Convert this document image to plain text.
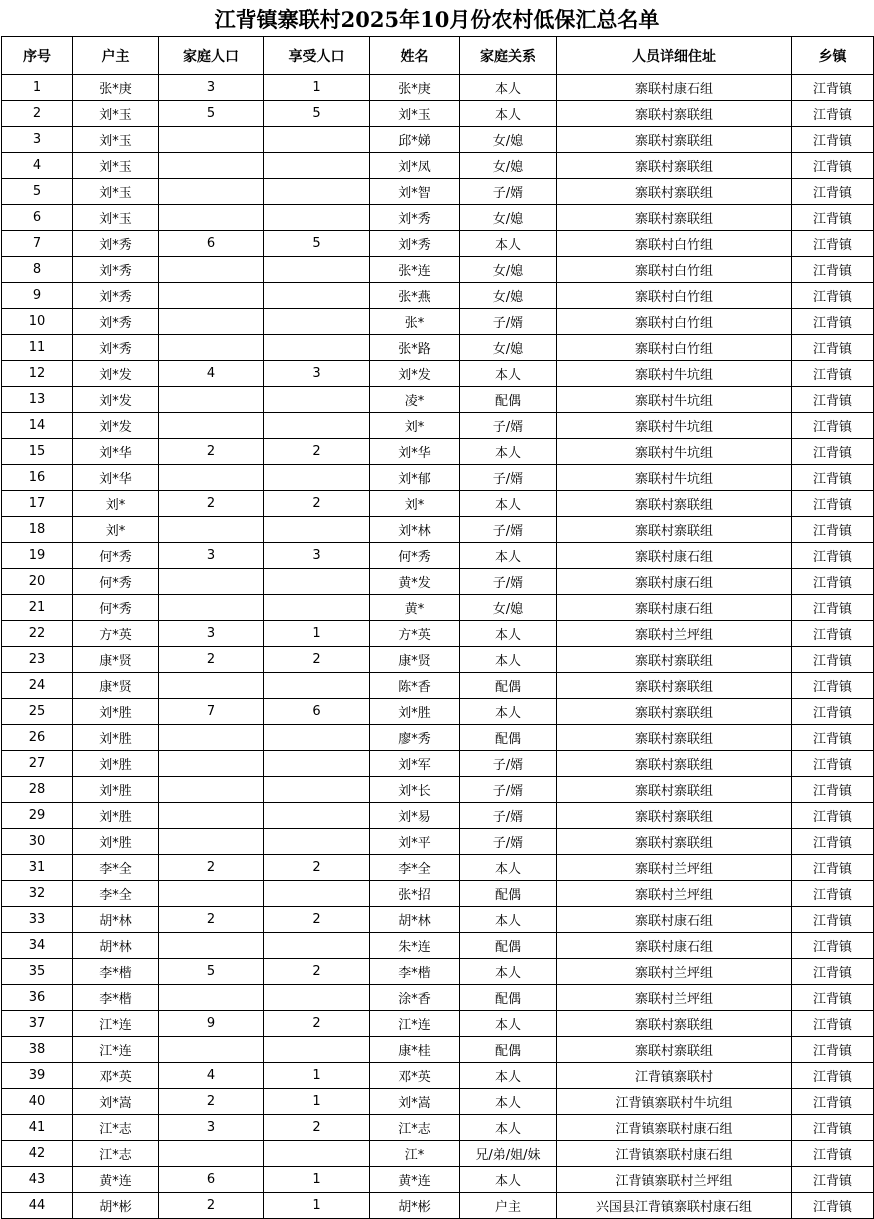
江背镇寨联村2025年10月份农村低保汇总名单
序号	户主	家庭人口	享受人口	姓名	家庭关系	人员详细住址	乡镇
1	张*庚	3	1	张*庚	本人	寨联村康石组	江背镇
2	刘*玉	5	5	刘*玉	本人	寨联村寨联组	江背镇
3	刘*玉			邱*娣	女/媳	寨联村寨联组	江背镇
4	刘*玉			刘*凤	女/媳	寨联村寨联组	江背镇
5	刘*玉			刘*智	子/婿	寨联村寨联组	江背镇
6	刘*玉			刘*秀	女/媳	寨联村寨联组	江背镇
7	刘*秀	6	5	刘*秀	本人	寨联村白竹组	江背镇
8	刘*秀			张*连	女/媳	寨联村白竹组	江背镇
9	刘*秀			张*燕	女/媳	寨联村白竹组	江背镇
10	刘*秀			张*	子/婿	寨联村白竹组	江背镇
11	刘*秀			张*路	女/媳	寨联村白竹组	江背镇
12	刘*发	4	3	刘*发	本人	寨联村牛坑组	江背镇
13	刘*发			凌*	配偶	寨联村牛坑组	江背镇
14	刘*发			刘*	子/婿	寨联村牛坑组	江背镇
15	刘*华	2	2	刘*华	本人	寨联村牛坑组	江背镇
16	刘*华			刘*郁	子/婿	寨联村牛坑组	江背镇
17	刘*	2	2	刘*	本人	寨联村寨联组	江背镇
18	刘*			刘*林	子/婿	寨联村寨联组	江背镇
19	何*秀	3	3	何*秀	本人	寨联村康石组	江背镇
20	何*秀			黄*发	子/婿	寨联村康石组	江背镇
21	何*秀			黄*	女/媳	寨联村康石组	江背镇
22	方*英	3	1	方*英	本人	寨联村兰坪组	江背镇
23	康*贤	2	2	康*贤	本人	寨联村寨联组	江背镇
24	康*贤			陈*香	配偶	寨联村寨联组	江背镇
25	刘*胜	7	6	刘*胜	本人	寨联村寨联组	江背镇
26	刘*胜			廖*秀	配偶	寨联村寨联组	江背镇
27	刘*胜			刘*军	子/婿	寨联村寨联组	江背镇
28	刘*胜			刘*长	子/婿	寨联村寨联组	江背镇
29	刘*胜			刘*易	子/婿	寨联村寨联组	江背镇
30	刘*胜			刘*平	子/婿	寨联村寨联组	江背镇
31	李*全	2	2	李*全	本人	寨联村兰坪组	江背镇
32	李*全			张*招	配偶	寨联村兰坪组	江背镇
33	胡*林	2	2	胡*林	本人	寨联村康石组	江背镇
34	胡*林			朱*连	配偶	寨联村康石组	江背镇
35	李*楷	5	2	李*楷	本人	寨联村兰坪组	江背镇
36	李*楷			涂*香	配偶	寨联村兰坪组	江背镇
37	江*连	9	2	江*连	本人	寨联村寨联组	江背镇
38	江*连			康*桂	配偶	寨联村寨联组	江背镇
39	邓*英	4	1	邓*英	本人	江背镇寨联村	江背镇
40	刘*嵩	2	1	刘*嵩	本人	江背镇寨联村牛坑组	江背镇
41	江*志	3	2	江*志	本人	江背镇寨联村康石组	江背镇
42	江*志			江*	兄/弟/姐/妹	江背镇寨联村康石组	江背镇
43	黄*连	6	1	黄*连	本人	江背镇寨联村兰坪组	江背镇
44	胡*彬	2	1	胡*彬	户主	兴国县江背镇寨联村康石组	江背镇
